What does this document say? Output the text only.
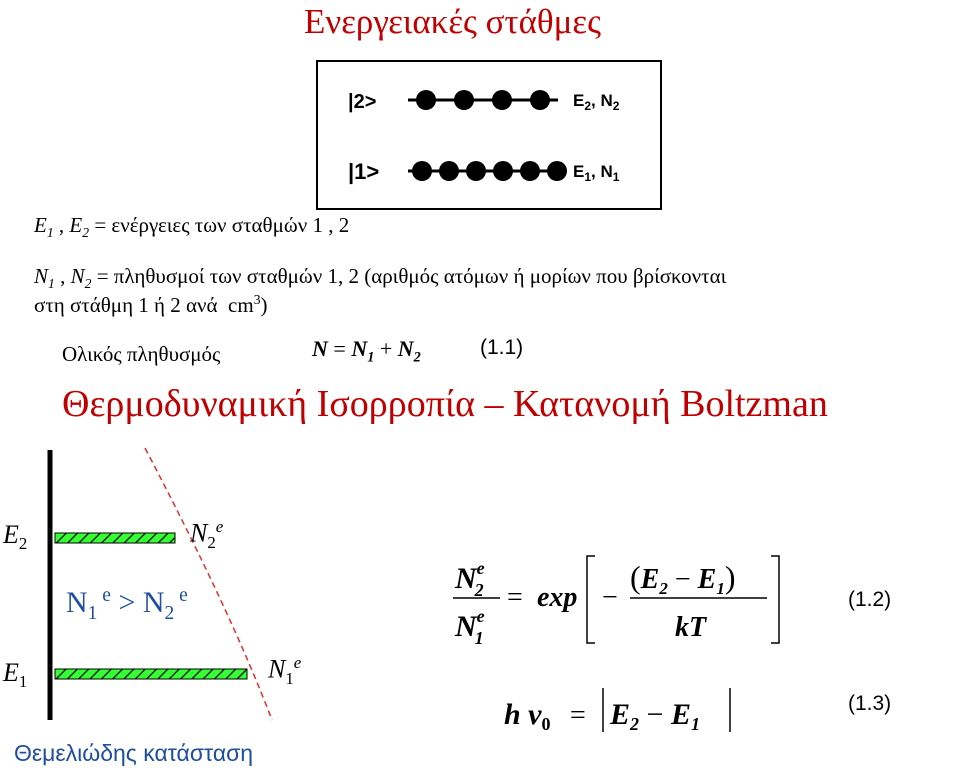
Ενεργειακές στάθμες
|2>	$E_2$, $N_2$
|1>	$E_1$, $N_1$
$E_1$ , $E_2 = \varepsilon\nu έ\rho\gamma\varepsilon\iota\varepsilon\varsigma$ των σταθμών 1 , 2
$N_1$ , $N_2 = \pi\lambda\eta\theta\upsilon\sigma\mu oί$ των σταθμών 1, 2 (αριθμός ατόμων ή μορίων που βρίσκονται
στη στάθμη 1 ή 2 ανά  $cm^3$)
Ολικός πληθυσμός	$N = N_1 + N_2$	(1.1)
Θερμοδυναμική Ισορροπία – Κατανομή Boltzman
$E_2$
$E_1$
$N_2^e$
$N_1^e$
$N_1$ $^e > N_2$ $^e$
Θεμελιώδης κατάσταση
$N^e$ 2
$N^e$ 1
= exp −
$(E_2 - E_1)$
kT
(1.2)
h $\nu_0 = E_2 - E_1$
(1.3)
